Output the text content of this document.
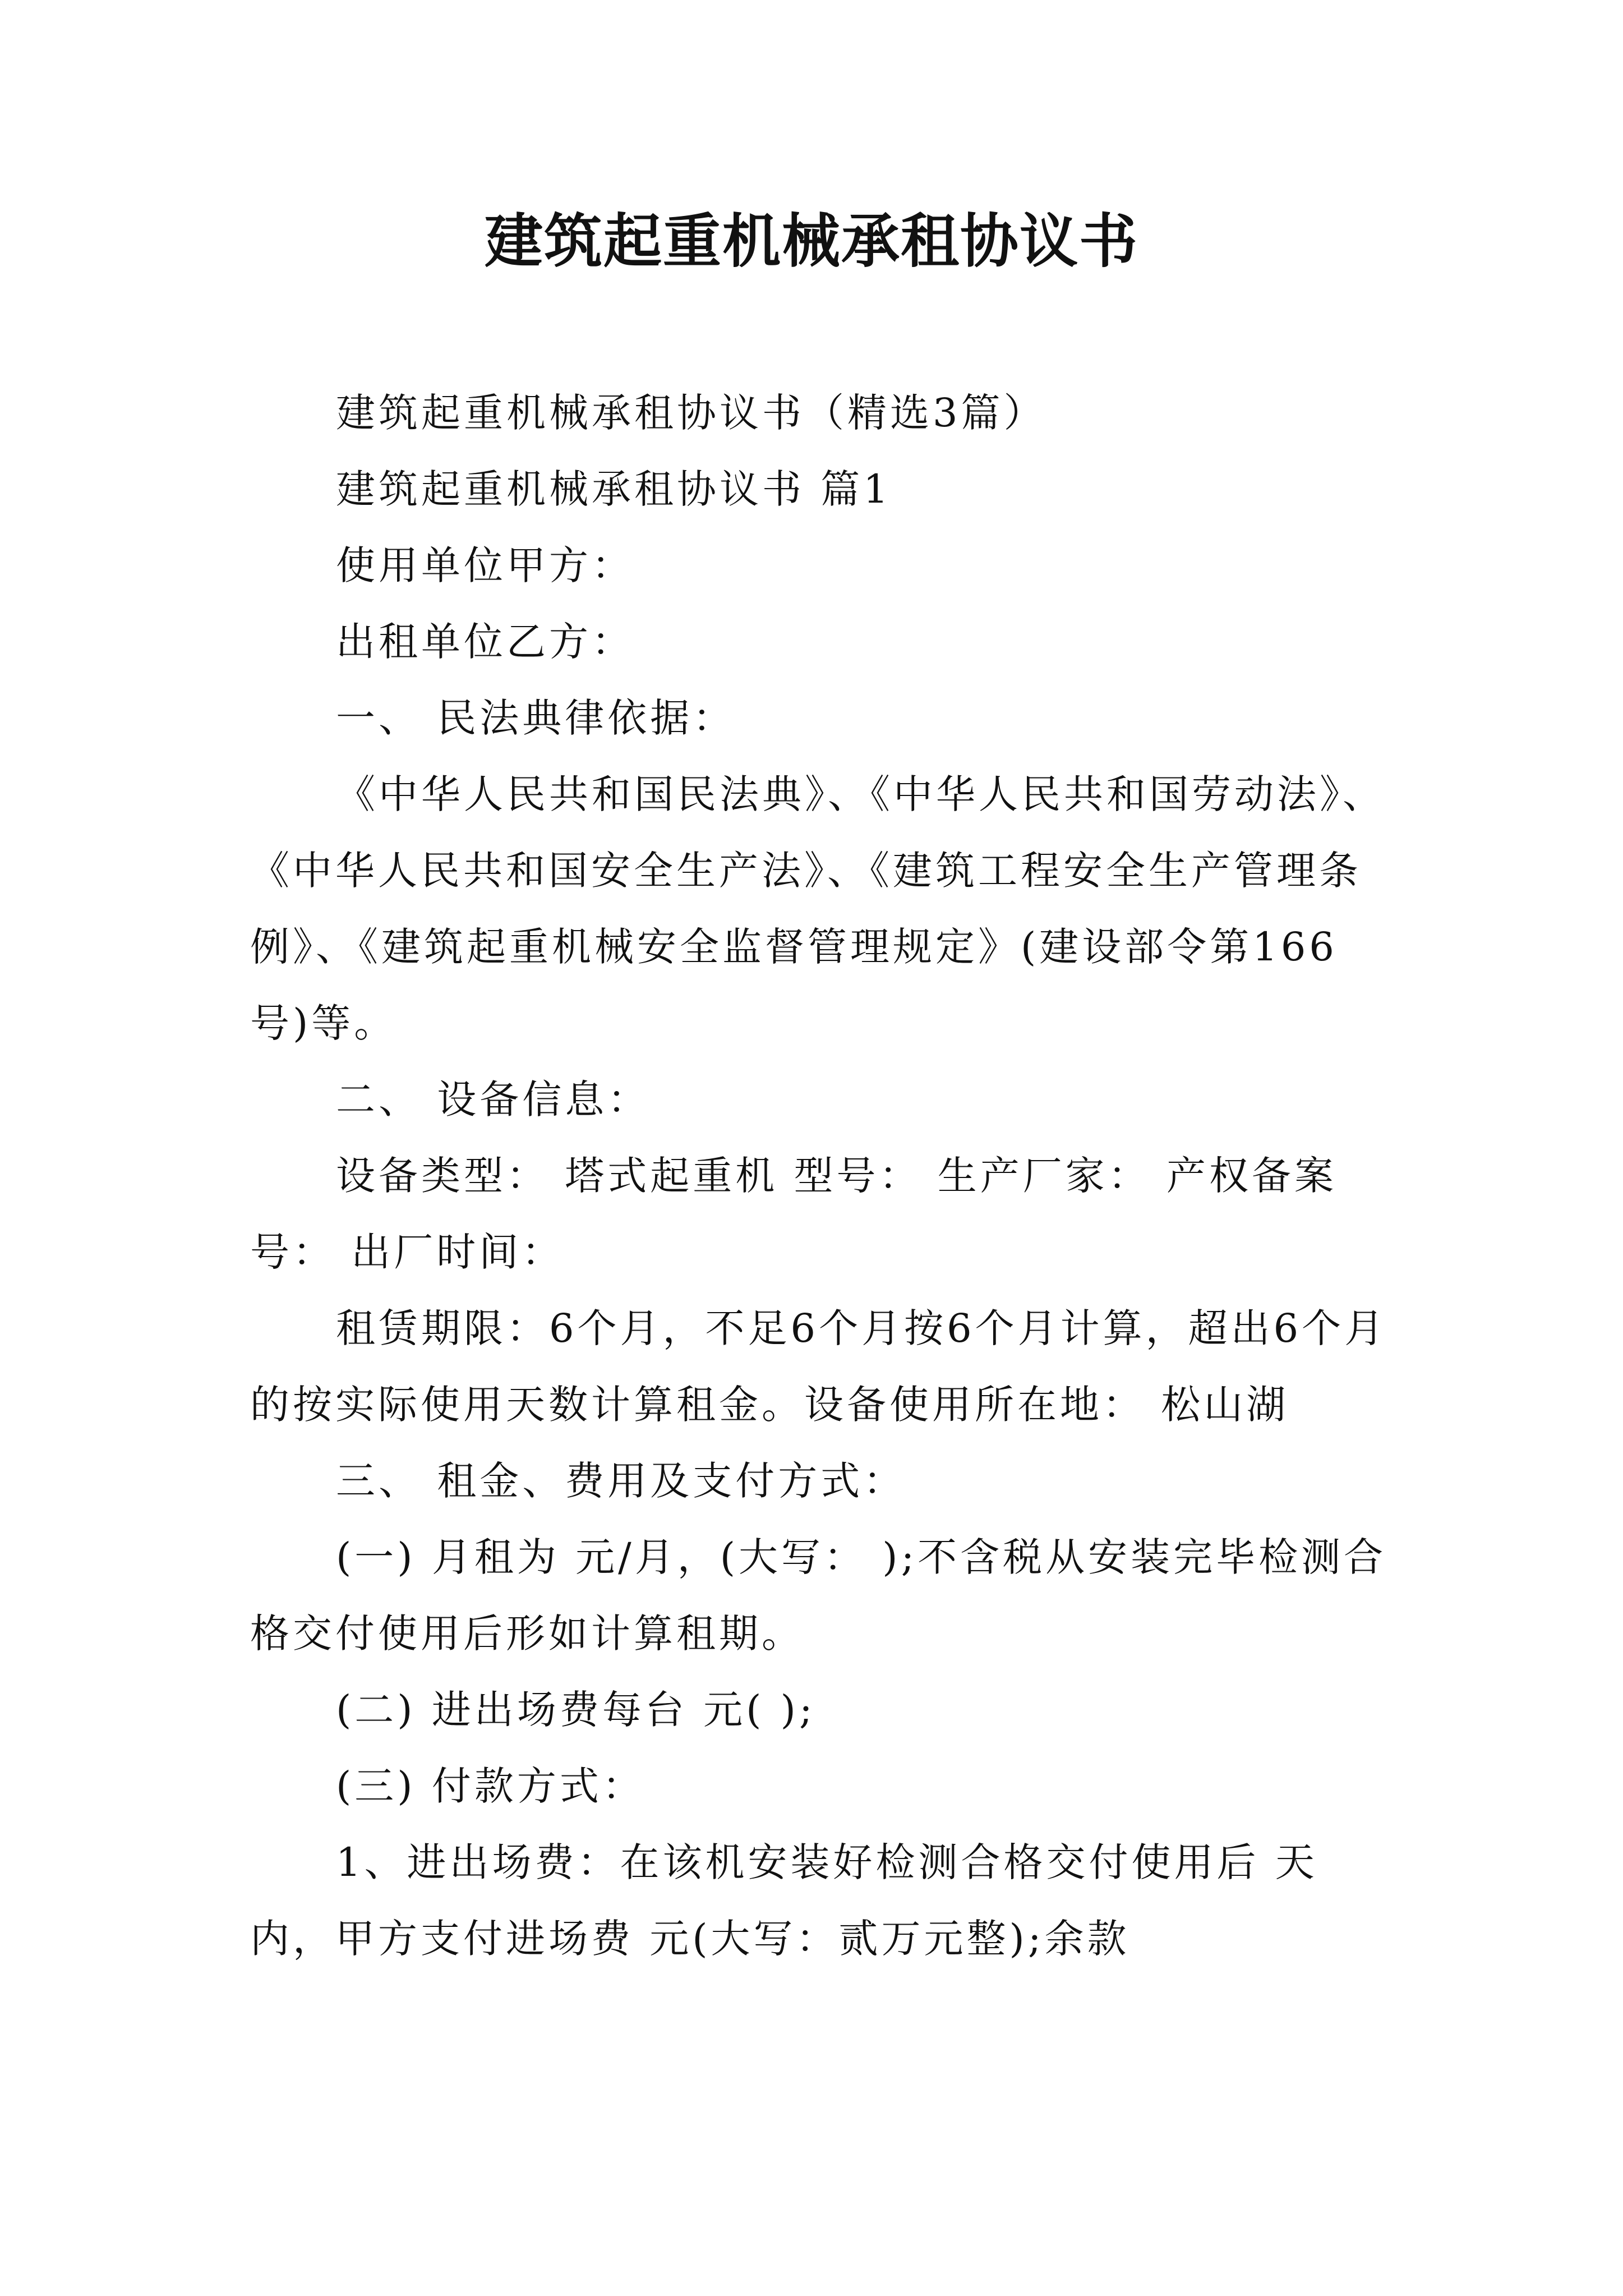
建筑起重机械承租协议书

建筑起重机械承租协议书（精选3篇）

建筑起重机械承租协议书 篇1

使用单位甲方：

出租单位乙方：

一、 民法典律依据：

《中华人民共和国民法典》、《中华人民共和国劳动法》、《中华人民共和国安全生产法》、《建筑工程安全生产管理条例》、《建筑起重机械安全监督管理规定》(建设部令第166号)等。

二、 设备信息：

设备类型： 塔式起重机 型号： 生产厂家： 产权备案号： 出厂时间：

租赁期限：6个月，不足6个月按6个月计算，超出6个月的按实际使用天数计算租金。设备使用所在地： 松山湖

三、 租金、费用及支付方式：

(一) 月租为 元/月，(大写： );不含税从安装完毕检测合格交付使用后形如计算租期。

(二) 进出场费每台 元( );

(三) 付款方式：

1、进出场费：在该机安装好检测合格交付使用后 天内，甲方支付进场费 元(大写：贰万元整);余款
